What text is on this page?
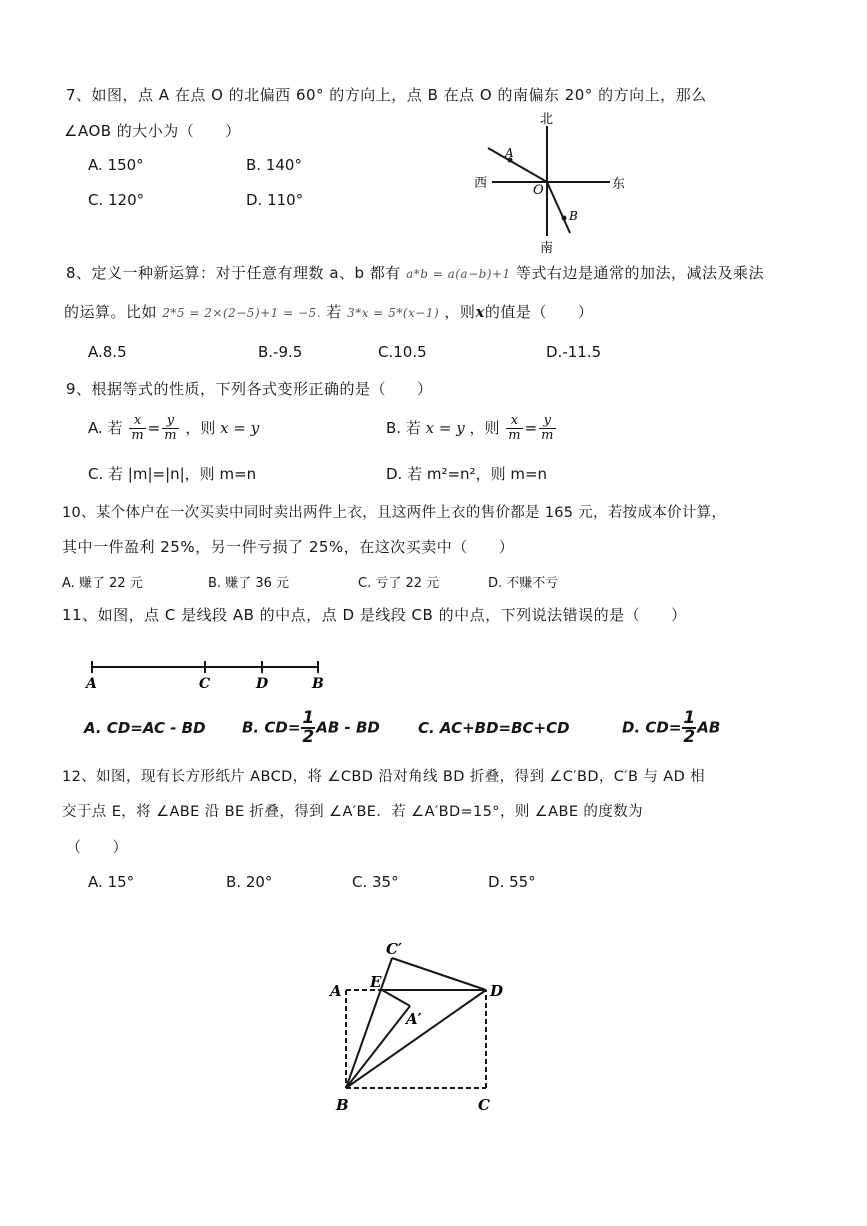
7、如图，点 A 在点 O 的北偏西 60° 的方向上，点 B 在点 O 的南偏东 20° 的方向上，那么
∠AOB 的大小为（　　）
A. 150°	B. 140°
C. 120°	D. 110°
北
南
西	东
A
O
B
8、定义一种新运算：对于任意有理数 a、b 都有 a*b = a(a−b)+1 等式右边是通常的加法，减法及乘法
的运算。比如 2*5 = 2×(2−5)+1 = −5. 若 3*x = 5*(x−1) ，则x的值是（　　）
A.8.5	B.-9.5	C.10.5	D.-11.5
9、根据等式的性质，下列各式变形正确的是（　　）
A. 若 $\frac{x}{m} = \frac{y}{m}$ ，则 x = y	B. 若 x = y ，则 $\frac{x}{m} = \frac{y}{m}$
C. 若 |m|=|n|，则 m=n	D. 若 m²=n²，则 m=n
10、某个体户在一次买卖中同时卖出两件上衣，且这两件上衣的售价都是 165 元，若按成本价计算，
其中一件盈利 25%，另一件亏损了 25%，在这次买卖中（　　）
A. 赚了 22 元	B. 赚了 36 元	C. 亏了 22 元	D. 不赚不亏
11、如图，点 C 是线段 AB 的中点，点 D 是线段 CB 的中点，下列说法错误的是（　　）
A	C	D	B
A. CD=AC - BD B. $CD= \frac{1}{2}$ AB - BD	C. AC+BD=BC+CD	D. $CD= \frac{1}{2}$ AB
12、如图，现有长方形纸片 ABCD，将 ∠CBD 沿对角线 BD 折叠，得到 ∠C′BD，C′B 与 AD 相
交于点 E，将 ∠ABE 沿 BE 折叠，得到 ∠A′BE．若 ∠A′BD=15°，则 ∠ABE 的度数为
（　　）
A. 15°	B. 20°	C. 35°	D. 55°
C′
A E	D
A′
B	C
